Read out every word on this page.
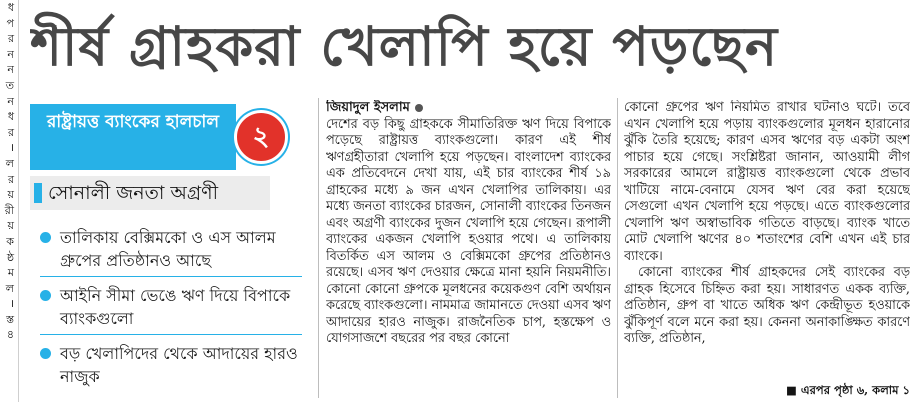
ধ
প
র
ন
ন
ত
ন
ধ
র
।
ল
র
য়
রী
য়
ক
ষ্ঠ
ম
ল
।
স্ত
৪
শীর্ষ গ্রাহকরা খেলাপি হয়ে পড়ছেন
রাষ্ট্রায়ত্ত ব্যাংকের হালচাল	২
সোনালী জনতা অগ্রণী
তালিকায় বেক্সিমকো ও এস আলম গ্রুপের প্রতিষ্ঠানও আছে
আইনি সীমা ভেঙে ঋণ দিয়ে বিপাকে ব্যাংকগুলো
বড় খেলাপিদের থেকে আদায়ের হারও নাজুক
জিয়াদুল ইসলাম
দেশের বড় কিছু গ্রাহককে সীমাতিরিক্ত ঋণ দিয়ে বিপাকে পড়েছে রাষ্ট্রায়ত্ত ব্যাংকগুলো। কারণ এই শীর্ষ ঋণগ্রহীতারা খেলাপি হয়ে পড়ছেন। বাংলাদেশ ব্যাংকের এক প্রতিবেদনে দেখা যায়, এই চার ব্যাংকের শীর্ষ ১৯ গ্রাহকের মধ্যে ৯ জন এখন খেলাপির তালিকায়। এর মধ্যে জনতা ব্যাংকের চারজন, সোনালী ব্যাংকের তিনজন এবং অগ্রণী ব্যাংকের দুজন খেলাপি হয়ে গেছেন। রূপালী ব্যাংকের একজন খেলাপি হওয়ার পথে। এ তালিকায় বিতর্কিত এস আলম ও বেক্সিমকো গ্রুপের প্রতিষ্ঠানও রয়েছে। এসব ঋণ দেওয়ার ক্ষেত্রে মানা হয়নি নিয়মনীতি। কোনো কোনো গ্রুপকে মূলধনের কয়েকগুণ বেশি অর্থায়ন করেছে ব্যাংকগুলো। নামমাত্র জামানতে দেওয়া এসব ঋণ আদায়ের হারও নাজুক। রাজনৈতিক চাপ, হস্তক্ষেপ ও যোগসাজশে বছরের পর বছর কোনো
কোনো গ্রুপের ঋণ নিয়মিত রাখার ঘটনাও ঘটে। তবে এখন খেলাপি হয়ে পড়ায় ব্যাংকগুলোর মূলধন হারানোর ঝুঁকি তৈরি হয়েছে; কারণ এসব ঋণের বড় একটা অংশ পাচার হয়ে গেছে। সংশ্লিষ্টরা জানান, আওয়ামী লীগ সরকারের আমলে রাষ্ট্রায়ত্ত ব্যাংকগুলো থেকে প্রভাব খাটিয়ে নামে-বেনামে যেসব ঋণ বের করা হয়েছে সেগুলো এখন খেলাপি হয়ে পড়ছে। এতে ব্যাংকগুলোর খেলাপি ঋণ অস্বাভাবিক গতিতে বাড়ছে। ব্যাংক খাতে মোট খেলাপি ঋণের ৪০ শতাংশের বেশি এখন এই চার ব্যাংকে।
কোনো ব্যাংকের শীর্ষ গ্রাহকদের সেই ব্যাংকের বড় গ্রাহক হিসেবে চিহ্নিত করা হয়। সাধারণত একক ব্যক্তি, প্রতিষ্ঠান, গ্রুপ বা খাতে অধিক ঋণ কেন্দ্রীভূত হওয়াকে ঝুঁকিপূর্ণ বলে মনে করা হয়। কেননা অনাকাঙ্ক্ষিত কারণে ব্যক্তি, প্রতিষ্ঠান,
■ এরপর পৃষ্ঠা ৬, কলাম ১
